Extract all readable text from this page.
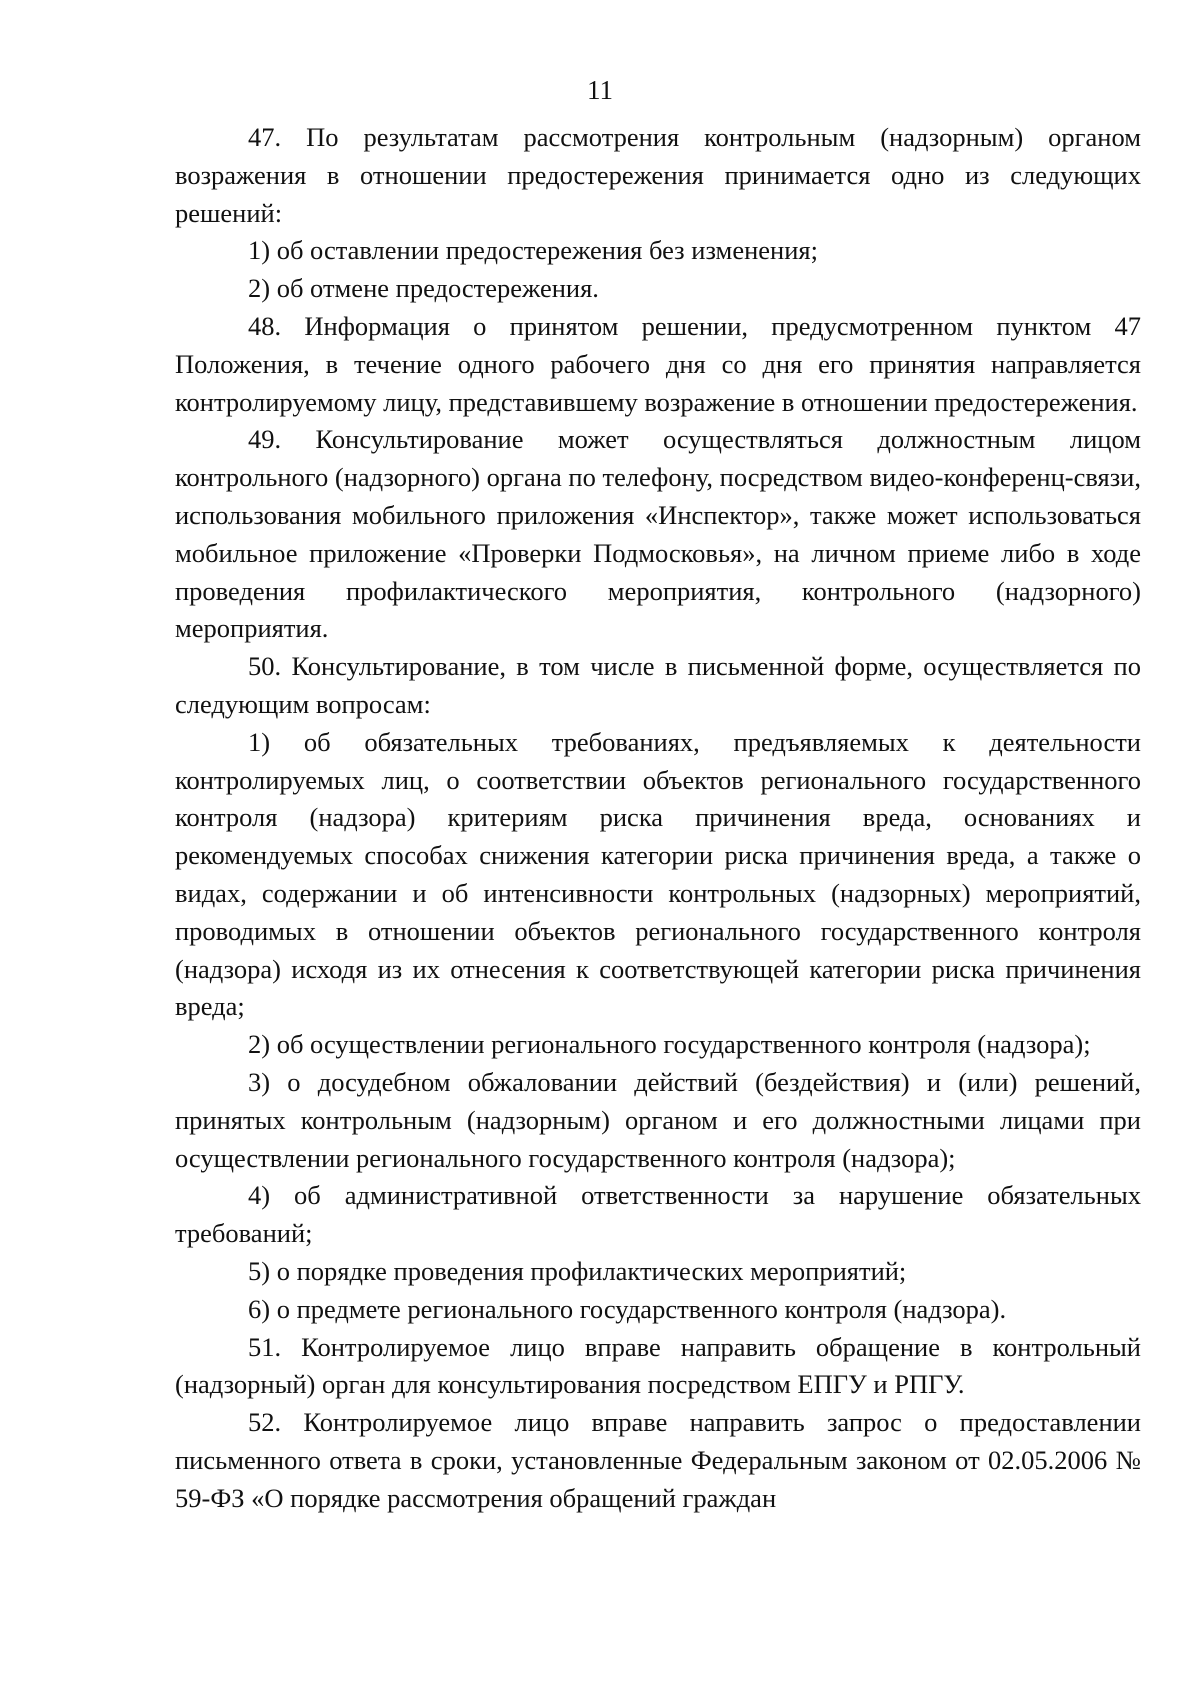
11

47. По результатам рассмотрения контрольным (надзорным) органом возражения в отношении предостережения принимается одно из следующих решений:

1) об оставлении предостережения без изменения;

2) об отмене предостережения.

48. Информация о принятом решении, предусмотренном пунктом 47 Положения, в течение одного рабочего дня со дня его принятия направляется контролируемому лицу, представившему возражение в отношении предостережения.

49. Консультирование может осуществляться должностным лицом контрольного (надзорного) органа по телефону, посредством видео-конференц-связи, использования мобильного приложения «Инспектор», также может использоваться мобильное приложение «Проверки Подмосковья», на личном приеме либо в ходе проведения профилактического мероприятия, контрольного (надзорного) мероприятия.

50. Консультирование, в том числе в письменной форме, осуществляется по следующим вопросам:

1) об обязательных требованиях, предъявляемых к деятельности контролируемых лиц, о соответствии объектов регионального государственного контроля (надзора) критериям риска причинения вреда, основаниях и рекомендуемых способах снижения категории риска причинения вреда, а также о видах, содержании и об интенсивности контрольных (надзорных) мероприятий, проводимых в отношении объектов регионального государственного контроля (надзора) исходя из их отнесения к соответствующей категории риска причинения вреда;

2) об осуществлении регионального государственного контроля (надзора);

3) о досудебном обжаловании действий (бездействия) и (или) решений, принятых контрольным (надзорным) органом и его должностными лицами при осуществлении регионального государственного контроля (надзора);

4) об административной ответственности за нарушение обязательных требований;

5) о порядке проведения профилактических мероприятий;

6) о предмете регионального государственного контроля (надзора).

51. Контролируемое лицо вправе направить обращение в контрольный (надзорный) орган для консультирования посредством ЕПГУ и РПГУ.

52. Контролируемое лицо вправе направить запрос о предоставлении письменного ответа в сроки, установленные Федеральным законом от 02.05.2006 № 59-ФЗ «О порядке рассмотрения обращений граждан
